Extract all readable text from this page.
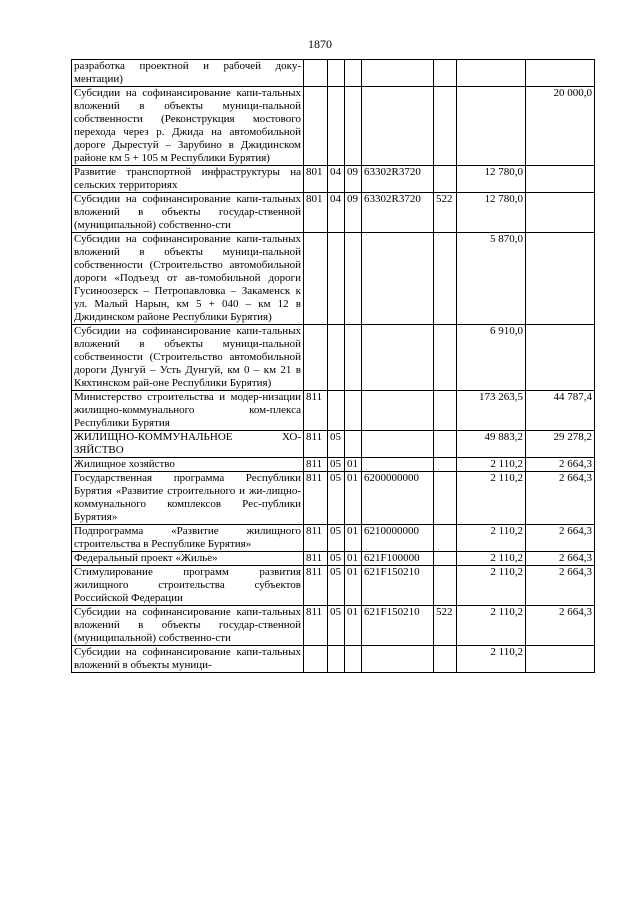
1870
разработка проектной и рабочей доку-ментации)							
Субсидии на софинансирование капи-тальных вложений в объекты муници-пальной собственности (Реконструкция мостового перехода через р. Джида на автомобильной дороге Дырестуй – Зарубино в Джидинском районе км 5 + 105 м Республики Бурятия)							20 000,0
Развитие транспортной инфраструктуры на сельских территориях	801	04	09	63302R3720		12 780,0	
Субсидии на софинансирование капи-тальных вложений в объекты государ-ственной (муниципальной) собственно-сти	801	04	09	63302R3720	522	12 780,0	
Субсидии на софинансирование капи-тальных вложений в объекты муници-пальной собственности (Строительство автомобильной дороги «Подъезд от ав-томобильной дороги Гусиноозерск – Петропавловка – Закаменск к ул. Малый Нарын, км 5 + 040 – км 12 в Джидинском районе Республики Бурятия)						5 870,0	
Субсидии на софинансирование капи-тальных вложений в объекты муници-пальной собственности (Строительство автомобильной дороги Дунгуй – Усть Дунгуй, км 0 – км 21 в Кяхтинском рай-оне Республики Бурятия)						6 910,0	
Министерство строительства и модер-низации жилищно-коммунального ком-плекса Республики Бурятия	811					173 263,5	44 787,4
ЖИЛИЩНО-КОММУНАЛЬНОЕ ХО-ЗЯЙСТВО	811	05				49 883,2	29 278,2
Жилищное хозяйство	811	05	01			2 110,2	2 664,3
Государственная программа Республики Бурятия «Развитие строительного и жи-лищно-коммунального комплексов Рес-публики Бурятия»	811	05	01	6200000000		2 110,2	2 664,3
Подпрограмма «Развитие жилищного строительства в Республике Бурятия»	811	05	01	6210000000		2 110,2	2 664,3
Федеральный проект «Жилье»	811	05	01	621F100000		2 110,2	2 664,3
Стимулирование программ развития жилищного строительства субъектов Российской Федерации	811	05	01	621F150210		2 110,2	2 664,3
Субсидии на софинансирование капи-тальных вложений в объекты государ-ственной (муниципальной) собственно-сти	811	05	01	621F150210	522	2 110,2	2 664,3
Субсидии на софинансирование капи-тальных вложений в объекты муници-						2 110,2	
